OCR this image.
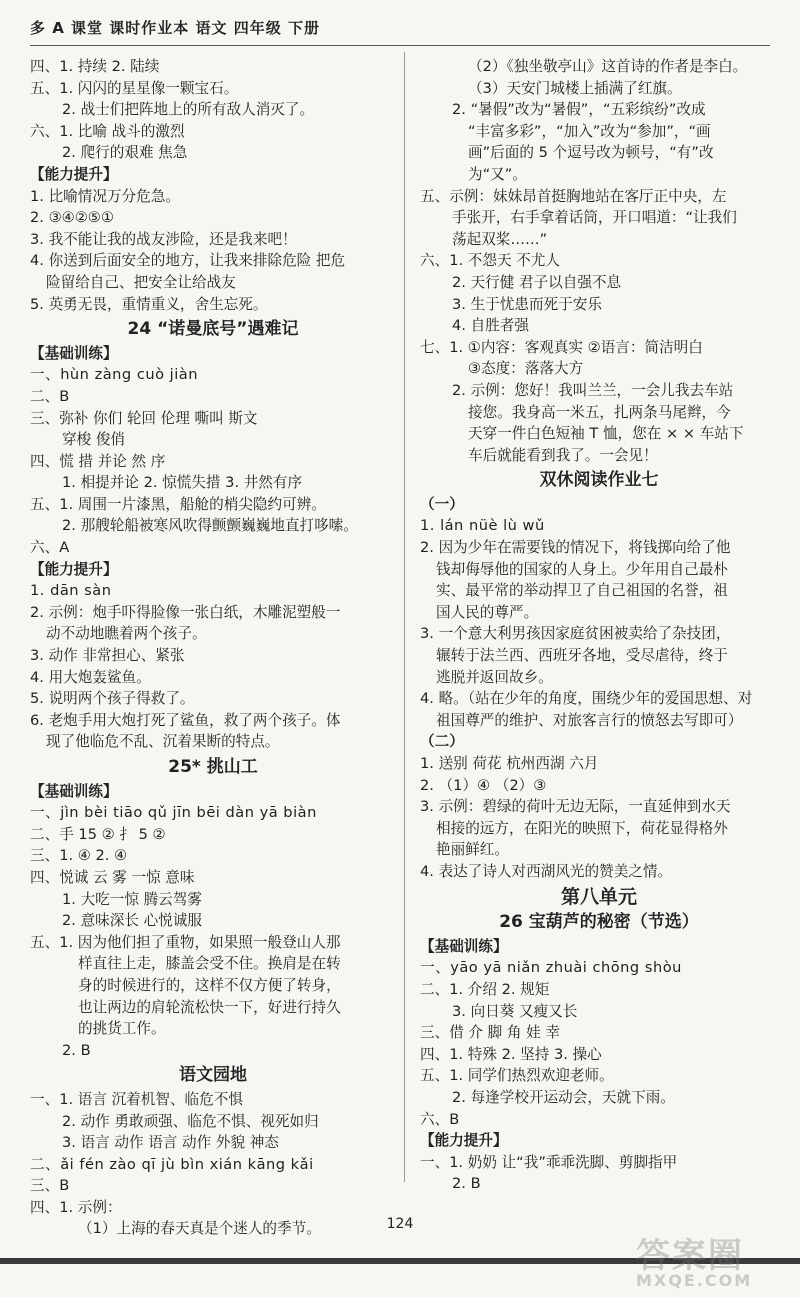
多 A 课堂 课时作业本 语文 四年级 下册
四、1. 持续 2. 陆续
五、1. 闪闪的星星像一颗宝石。
2. 战士们把阵地上的所有敌人消灭了。
六、1. 比喻 战斗的激烈
2. 爬行的艰难 焦急
【能力提升】
1. 比喻情况万分危急。
2. ③④②⑤①
3. 我不能让我的战友涉险，还是我来吧！
4. 你送到后面安全的地方，让我来排除危险 把危
险留给自己、把安全让给战友
5. 英勇无畏，重情重义，舍生忘死。
24 “诺曼底号”遇难记
【基础训练】
一、hùn zàng cuò jiàn
二、B
三、弥补 你们 轮回 伦理 嘶叫 斯文
穿梭 俊俏
四、慌 措 并论 然 序
1. 相提并论 2. 惊慌失措 3. 井然有序
五、1. 周围一片漆黑，船舱的梢尖隐约可辨。
2. 那艘轮船被寒风吹得颤颤巍巍地直打哆嗦。
六、A
【能力提升】
1. dān sàn
2. 示例：炮手吓得脸像一张白纸，木雕泥塑般一
动不动地瞧着两个孩子。
3. 动作 非常担心、紧张
4. 用大炮轰鲨鱼。
5. 说明两个孩子得救了。
6. 老炮手用大炮打死了鲨鱼，救了两个孩子。体
现了他临危不乱、沉着果断的特点。
25* 挑山工
【基础训练】
一、jìn bèi tiāo qǔ jīn bēi dàn yā biàn
二、手 15 ② 扌 5 ②
三、1. ④ 2. ④
四、悦诚 云 雾 一惊 意味
1. 大吃一惊 腾云驾雾
2. 意味深长 心悦诚服
五、1. 因为他们担了重物，如果照一般登山人那
样直往上走，膝盖会受不住。换肩是在转
身的时候进行的，这样不仅方便了转身，
也让两边的肩轮流松快一下，好进行持久
的挑货工作。
2. B
语文园地
一、1. 语言 沉着机智、临危不惧
2. 动作 勇敢顽强、临危不惧、视死如归
3. 语言 动作 语言 动作 外貌 神态
二、ǎi fén zào qī jù bìn xián kāng kǎi
三、B
四、1. 示例：
（1）上海的春天真是个迷人的季节。
（2）《独坐敬亭山》这首诗的作者是李白。
（3）天安门城楼上插满了红旗。
2. “暑假”改为“暑假”，“五彩缤纷”改成
“丰富多彩”，“加入”改为“参加”，“画
画”后面的 5 个逗号改为顿号，“有”改
为“又”。
五、示例：妹妹昂首挺胸地站在客厅正中央，左
手张开，右手拿着话筒，开口唱道：“让我们
荡起双桨……”
六、1. 不怨天 不尤人
2. 天行健 君子以自强不息
3. 生于忧患而死于安乐
4. 自胜者强
七、1. ①内容：客观真实 ②语言：简洁明白
③态度：落落大方
2. 示例：您好！我叫兰兰，一会儿我去车站
接您。我身高一米五，扎两条马尾辫，今
天穿一件白色短袖 T 恤，您在 × × 车站下
车后就能看到我了。一会见！
双休阅读作业七
（一）
1. lán nüè lù wǔ
2. 因为少年在需要钱的情况下，将钱掷向给了他
钱却侮辱他的国家的人身上。少年用自己最朴
实、最平常的举动捍卫了自己祖国的名誉，祖
国人民的尊严。
3. 一个意大利男孩因家庭贫困被卖给了杂技团，
辗转于法兰西、西班牙各地，受尽虐待，终于
逃脱并返回故乡。
4. 略。（站在少年的角度，围绕少年的爱国思想、对
祖国尊严的维护、对旅客言行的愤怒去写即可）
（二）
1. 送别 荷花 杭州西湖 六月
2. （1）④ （2）③
3. 示例：碧绿的荷叶无边无际，一直延伸到水天
相接的远方，在阳光的映照下，荷花显得格外
艳丽鲜红。
4. 表达了诗人对西湖风光的赞美之情。
第八单元
26 宝葫芦的秘密（节选）
【基础训练】
一、yāo yā niǎn zhuài chōng shòu
二、1. 介绍 2. 规矩
3. 向日葵 又瘦又长
三、借 介 脚 角 娃 幸
四、1. 特殊 2. 坚持 3. 操心
五、1. 同学们热烈欢迎老师。
2. 每逢学校开运动会，天就下雨。
六、B
【能力提升】
一、1. 奶奶 让“我”乖乖洗脚、剪脚指甲
2. B
124
答案圈
MXQE.COM
